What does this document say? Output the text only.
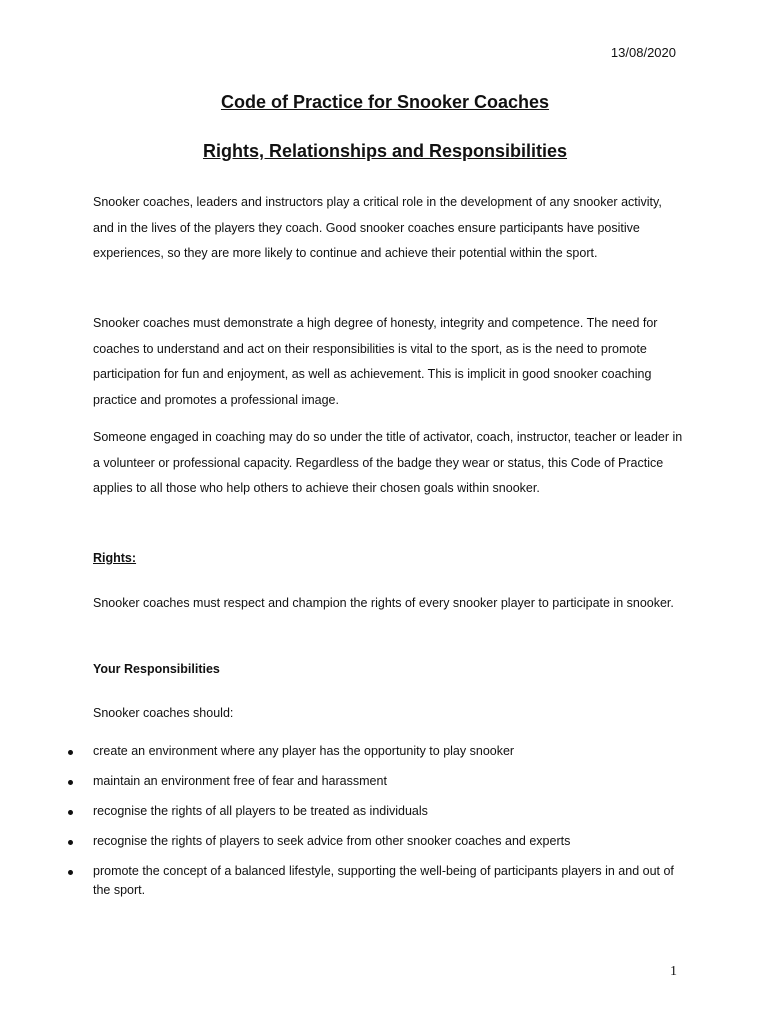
13/08/2020
Code of Practice for Snooker Coaches
Rights, Relationships and Responsibilities

Snooker coaches, leaders and instructors play a critical role in the development of any snooker activity, and in the lives of the players they coach. Good snooker coaches ensure participants have positive experiences, so they are more likely to continue and achieve their potential within the sport.

Snooker coaches must demonstrate a high degree of honesty, integrity and competence. The need for coaches to understand and act on their responsibilities is vital to the sport, as is the need to promote participation for fun and enjoyment, as well as achievement. This is implicit in good snooker coaching practice and promotes a professional image.

Someone engaged in coaching may do so under the title of activator, coach, instructor, teacher or leader in a volunteer or professional capacity. Regardless of the badge they wear or status, this Code of Practice applies to all those who help others to achieve their chosen goals within snooker.

Rights:

Snooker coaches must respect and champion the rights of every snooker player to participate in snooker.

Your Responsibilities
Snooker coaches should:
create an environment where any player has the opportunity to play snooker
maintain an environment free of fear and harassment
recognise the rights of all players to be treated as individuals
recognise the rights of players to seek advice from other snooker coaches and experts
promote the concept of a balanced lifestyle, supporting the well-being of participants players in and out of the sport.
1
